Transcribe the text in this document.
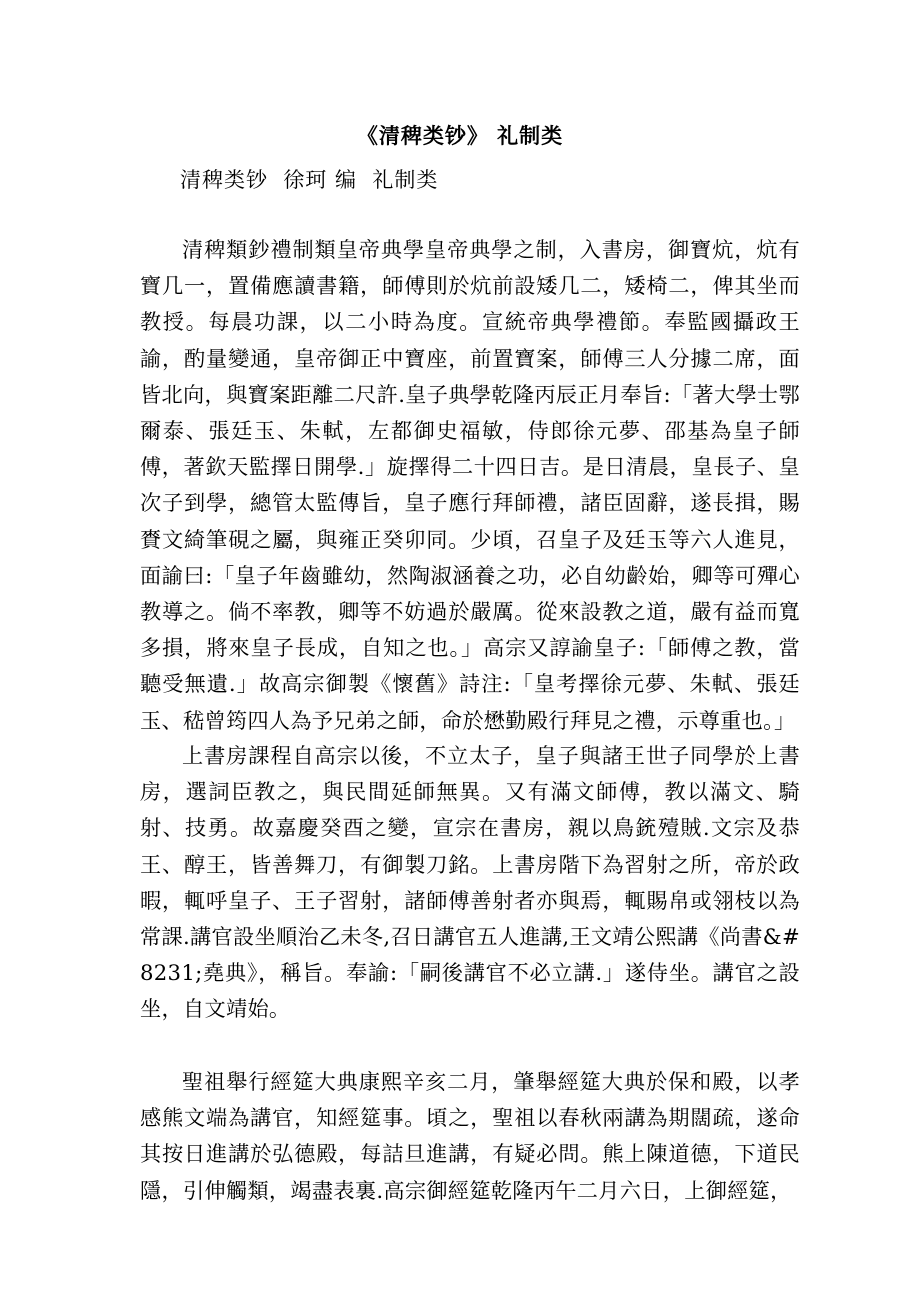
《清稗类钞》 礼制类
清稗类钞  徐珂 编  礼制类

清稗類鈔禮制類皇帝典學皇帝典學之制，入書房，御寶炕，炕有寶几一，置備應讀書籍，師傅則於炕前設矮几二，矮椅二，俾其坐而教授。每晨功課，以二小時為度。宣統帝典學禮節。奉監國攝政王諭，酌量變通，皇帝御正中寶座，前置寶案，師傅三人分據二席，面皆北向，與寶案距離二尺許.皇子典學乾隆丙辰正月奉旨:「著大學士鄂爾泰、張廷玉、朱軾，左都御史福敏，侍郎徐元夢、邵基為皇子師傅，著欽天監擇日開學.」旋擇得二十四日吉。是日清晨，皇長子、皇次子到學，總管太監傳旨，皇子應行拜師禮，諸臣固辭，遂長揖，賜賚文綺筆硯之屬，與雍正癸卯同。少頃，召皇子及廷玉等六人進見，面諭曰:「皇子年齒雖幼，然陶淑涵養之功，必自幼齡始，卿等可殫心教導之。倘不率教，卿等不妨過於嚴厲。從來設教之道，嚴有益而寬多損，將來皇子長成，自知之也。」高宗又諄諭皇子:「師傅之教，當聽受無遺.」故高宗御製《懷舊》詩注:「皇考擇徐元夢、朱軾、張廷玉、嵇曾筠四人為予兄弟之師，命於懋勤殿行拜見之禮，示尊重也。」

上書房課程自高宗以後，不立太子，皇子與諸王世子同學於上書房，選詞臣教之，與民間延師無異。又有滿文師傅，教以滿文、騎射、技勇。故嘉慶癸酉之變，宣宗在書房，親以鳥銃殪賊.文宗及恭王、醇王，皆善舞刀，有御製刀銘。上書房階下為習射之所，帝於政暇，輒呼皇子、王子習射，諸師傅善射者亦與焉，輒賜帛或翎枝以為常課.講官設坐順治乙未冬,召日講官五人進講,王文靖公熙講《尚書&#8231;堯典》，稱旨。奉諭:「嗣後講官不必立講.」遂侍坐。講官之設坐，自文靖始。

聖祖舉行經筵大典康熙辛亥二月，肇舉經筵大典於保和殿，以孝感熊文端為講官，知經筵事。頃之，聖祖以春秋兩講為期闊疏，遂命其按日進講於弘德殿，每詰旦進講，有疑必問。熊上陳道德，下道民隱，引伸觸類，竭盡表裏.高宗御經筵乾隆丙午二月六日，上御經筵，
